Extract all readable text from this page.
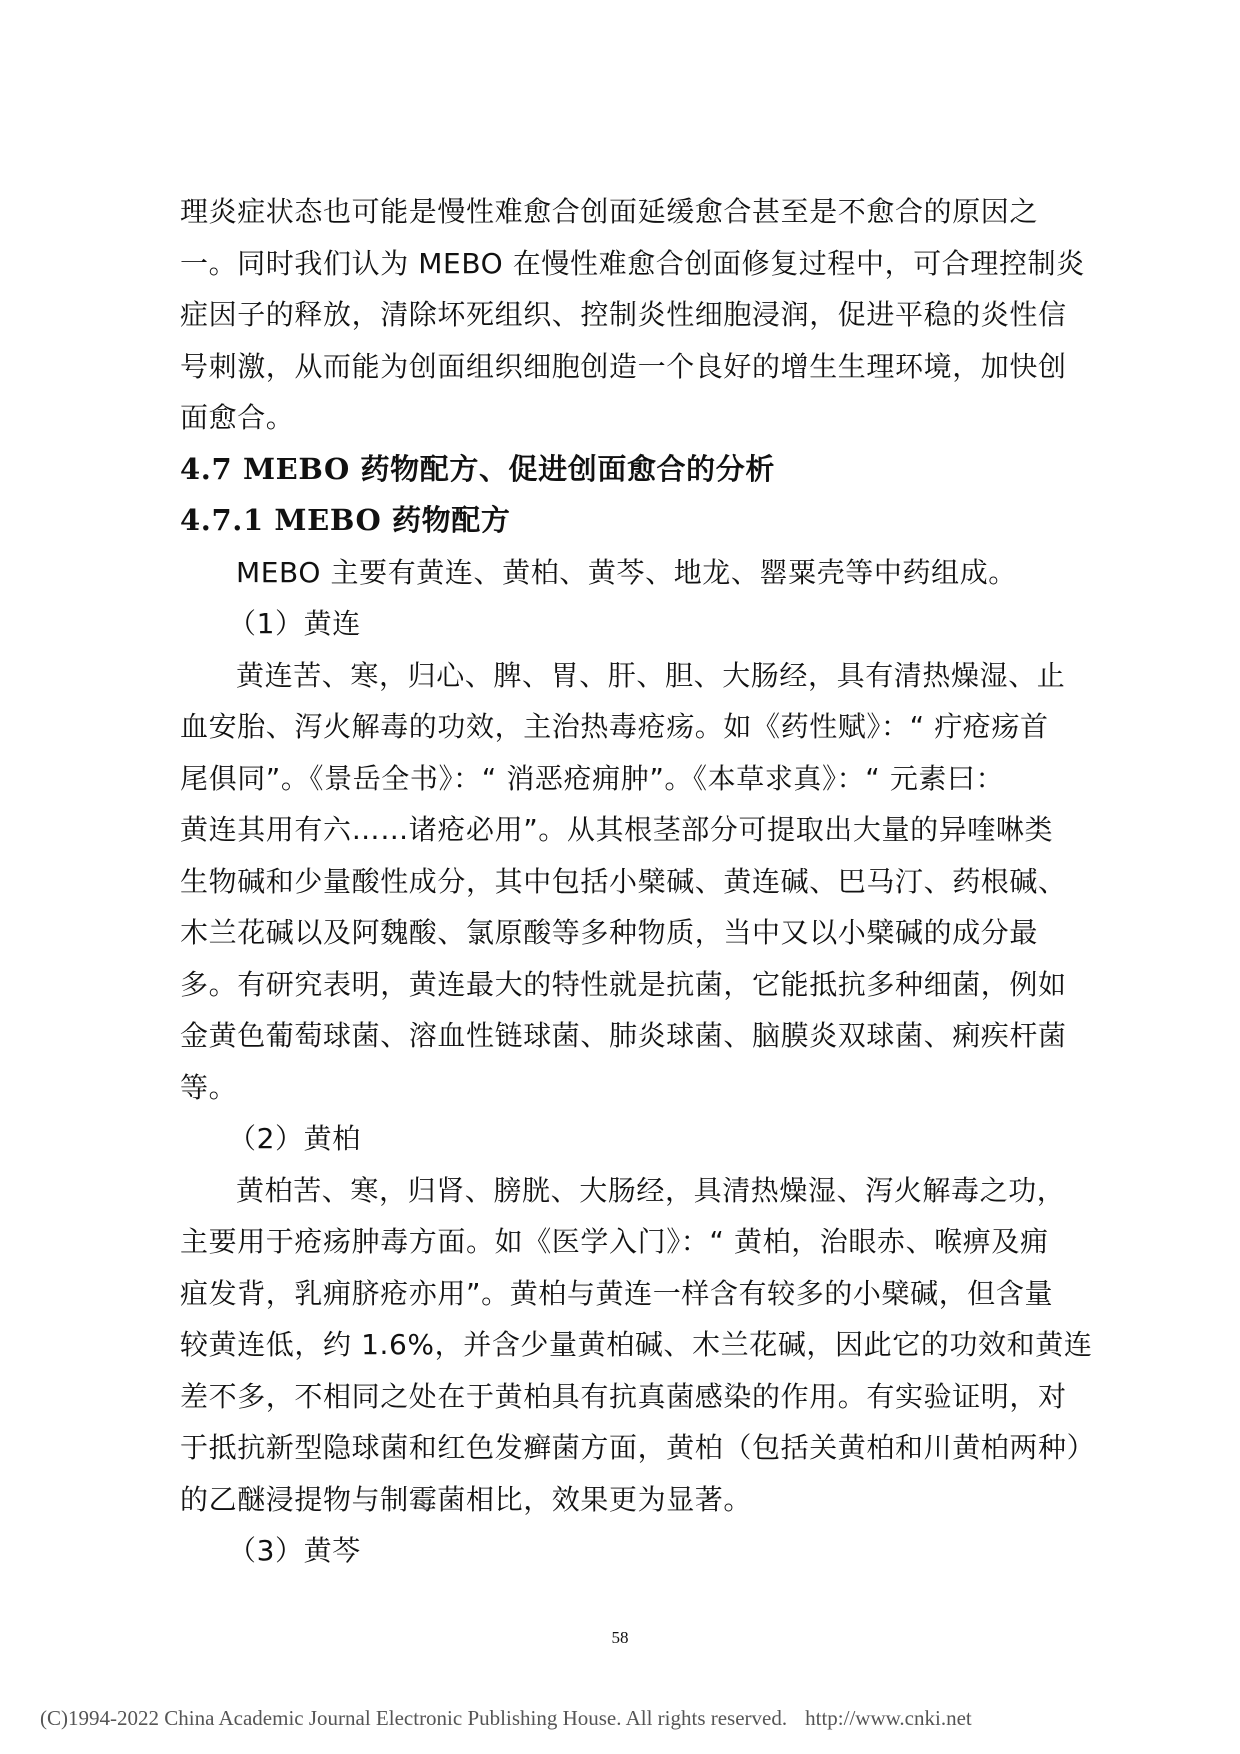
理炎症状态也可能是慢性难愈合创面延缓愈合甚至是不愈合的原因之
一。同时我们认为 MEBO 在慢性难愈合创面修复过程中，可合理控制炎
症因子的释放，清除坏死组织、控制炎性细胞浸润，促进平稳的炎性信
号刺激，从而能为创面组织细胞创造一个良好的增生生理环境，加快创
面愈合。
4.7 MEBO 药物配方、促进创面愈合的分析
4.7.1 MEBO 药物配方
MEBO 主要有黄连、黄柏、黄芩、地龙、罂粟壳等中药组成。
（1）黄连
黄连苦、寒，归心、脾、胃、肝、胆、大肠经，具有清热燥湿、止
血安胎、泻火解毒的功效，主治热毒疮疡。如《药性赋》：“ 疔疮疡首
尾俱同”。《景岳全书》：“ 消恶疮痈肿”。《本草求真》：“ 元素曰：
黄连其用有六……诸疮必用”。从其根茎部分可提取出大量的异喹啉类
生物碱和少量酸性成分，其中包括小檗碱、黄连碱、巴马汀、药根碱、
木兰花碱以及阿魏酸、氯原酸等多种物质，当中又以小檗碱的成分最
多。有研究表明，黄连最大的特性就是抗菌，它能抵抗多种细菌，例如
金黄色葡萄球菌、溶血性链球菌、肺炎球菌、脑膜炎双球菌、痢疾杆菌
等。
（2）黄柏
黄柏苦、寒，归肾、膀胱、大肠经，具清热燥湿、泻火解毒之功，
主要用于疮疡肿毒方面。如《医学入门》：“ 黄柏，治眼赤、喉痹及痈
疽发背，乳痈脐疮亦用”。黄柏与黄连一样含有较多的小檗碱，但含量
较黄连低，约 1.6%，并含少量黄柏碱、木兰花碱，因此它的功效和黄连
差不多，不相同之处在于黄柏具有抗真菌感染的作用。有实验证明，对
于抵抗新型隐球菌和红色发癣菌方面，黄柏（包括关黄柏和川黄柏两种）
的乙醚浸提物与制霉菌相比，效果更为显著。
（3）黄芩
58
(C)1994-2022 China Academic Journal Electronic Publishing House. All rights reserved. http://www.cnki.net
